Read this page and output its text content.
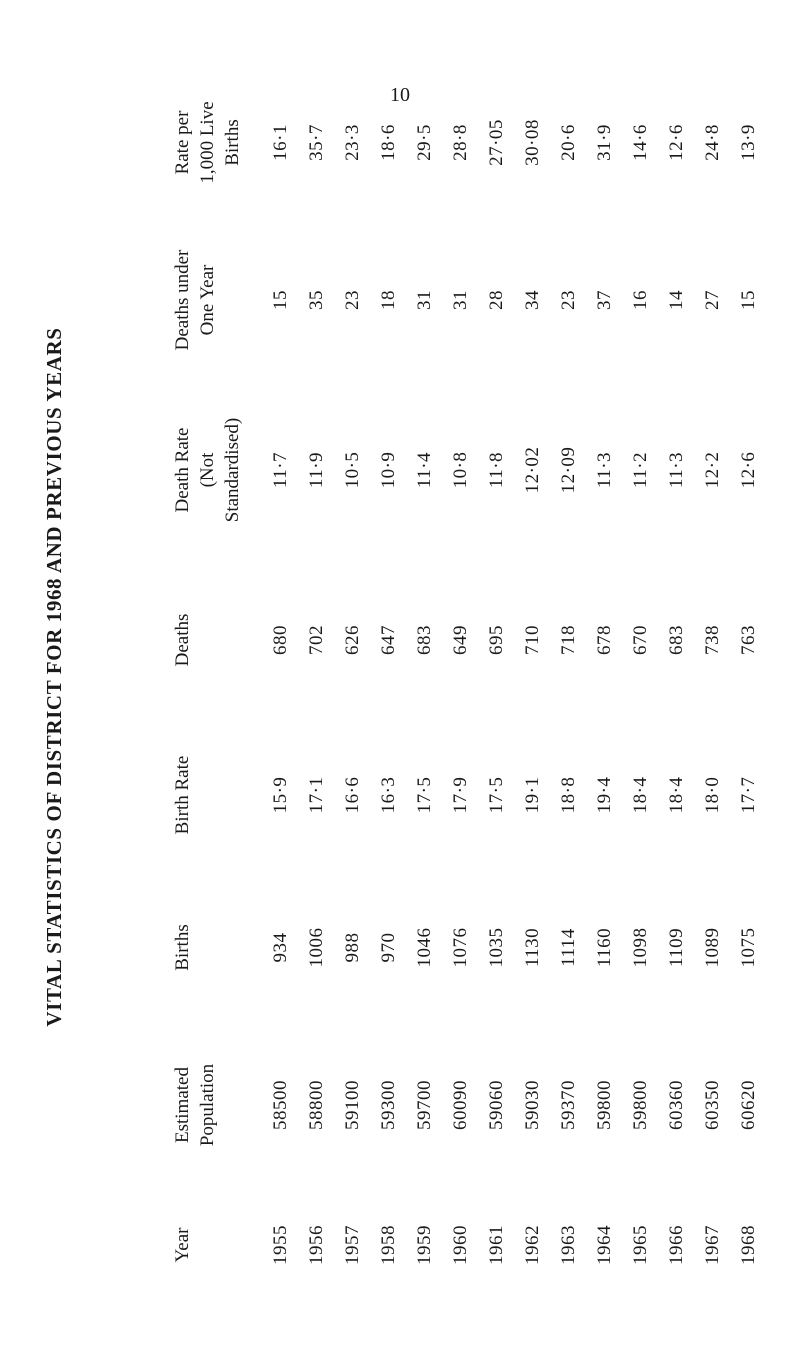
10
VITAL STATISTICS OF DISTRICT FOR 1968 AND PREVIOUS YEARS
Year	Estimated Population	Births	Birth Rate	Deaths	Death Rate (Not Standardised)	Deaths under One Year	Rate per 1,000 Live Births

1955	58500	934	15·9	680	11·7	15	16·1
1956	58800	1006	17·1	702	11·9	35	35·7
1957	59100	988	16·6	626	10·5	23	23·3
1958	59300	970	16·3	647	10·9	18	18·6
1959	59700	1046	17·5	683	11·4	31	29·5
1960	60090	1076	17·9	649	10·8	31	28·8
1961	59060	1035	17·5	695	11·8	28	27·05
1962	59030	1130	19·1	710	12·02	34	30·08
1963	59370	1114	18·8	718	12·09	23	20·6
1964	59800	1160	19·4	678	11·3	37	31·9
1965	59800	1098	18·4	670	11·2	16	14·6
1966	60360	1109	18·4	683	11·3	14	12·6
1967	60350	1089	18·0	738	12·2	27	24·8
1968	60620	1075	17·7	763	12·6	15	13·9
